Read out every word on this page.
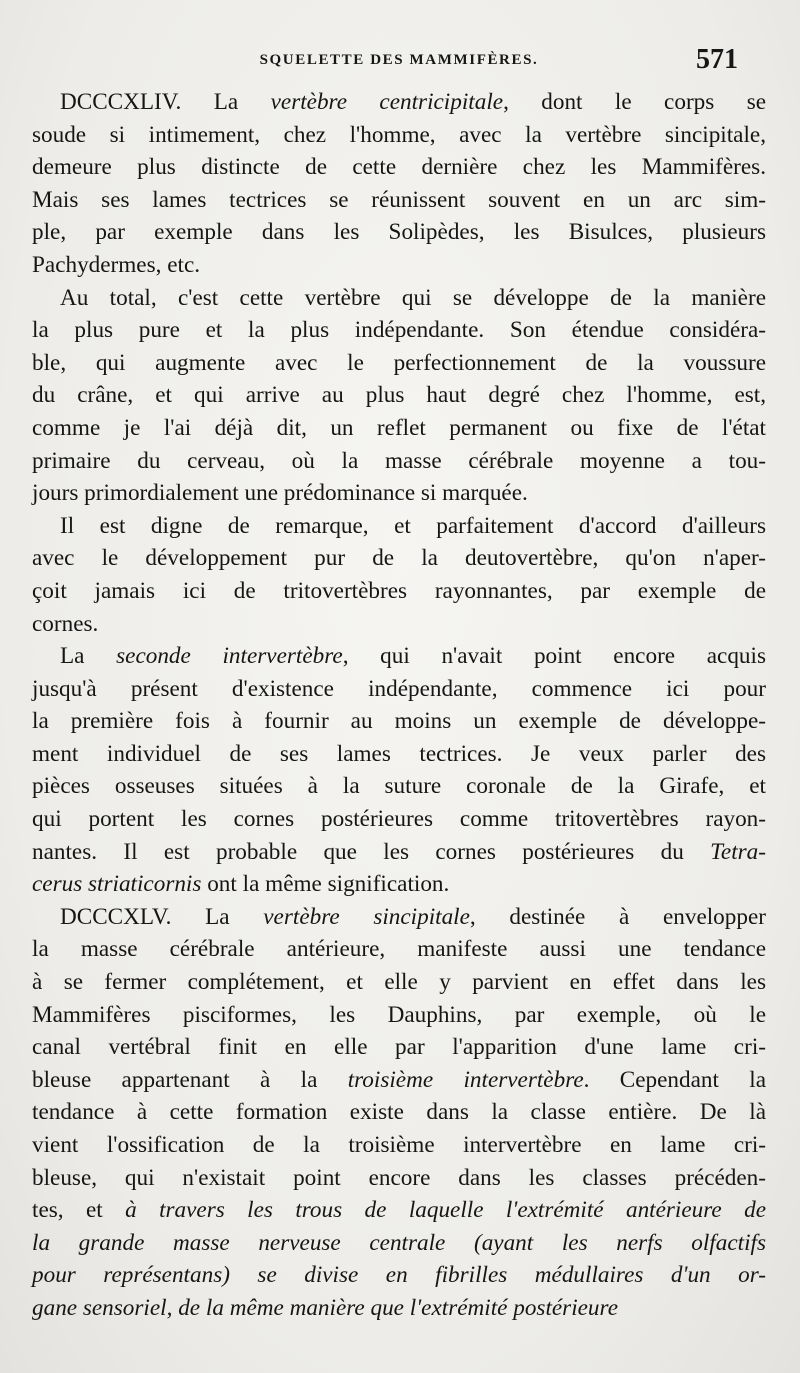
SQUELETTE DES MAMMIFÈRES.	571

DCCCXLIV. La vertèbre centricipitale, dont le corps se
soude si intimement, chez l'homme, avec la vertèbre sincipitale,
demeure plus distincte de cette dernière chez les Mammifères.
Mais ses lames tectrices se réunissent souvent en un arc sim-
ple, par exemple dans les Solipèdes, les Bisulces, plusieurs
Pachydermes, etc.

Au total, c'est cette vertèbre qui se développe de la manière
la plus pure et la plus indépendante. Son étendue considéra-
ble, qui augmente avec le perfectionnement de la voussure
du crâne, et qui arrive au plus haut degré chez l'homme, est,
comme je l'ai déjà dit, un reflet permanent ou fixe de l'état
primaire du cerveau, où la masse cérébrale moyenne a tou-
jours primordialement une prédominance si marquée.

Il est digne de remarque, et parfaitement d'accord d'ailleurs
avec le développement pur de la deutovertèbre, qu'on n'aper-
çoit jamais ici de tritovertèbres rayonnantes, par exemple de
cornes.

La seconde intervertèbre, qui n'avait point encore acquis
jusqu'à présent d'existence indépendante, commence ici pour
la première fois à fournir au moins un exemple de développe-
ment individuel de ses lames tectrices. Je veux parler des
pièces osseuses situées à la suture coronale de la Girafe, et
qui portent les cornes postérieures comme tritovertèbres rayon-
nantes. Il est probable que les cornes postérieures du Tetra-
cerus striaticornis ont la même signification.

DCCCXLV. La vertèbre sincipitale, destinée à envelopper
la masse cérébrale antérieure, manifeste aussi une tendance
à se fermer complétement, et elle y parvient en effet dans les
Mammifères pisciformes, les Dauphins, par exemple, où le
canal vertébral finit en elle par l'apparition d'une lame cri-
bleuse appartenant à la troisième intervertèbre. Cependant la
tendance à cette formation existe dans la classe entière. De là
vient l'ossification de la troisième intervertèbre en lame cri-
bleuse, qui n'existait point encore dans les classes précéden-
tes, et à travers les trous de laquelle l'extrémité antérieure de
la grande masse nerveuse centrale (ayant les nerfs olfactifs
pour représentans) se divise en fibrilles médullaires d'un or-
gane sensoriel, de la même manière que l'extrémité postérieure
